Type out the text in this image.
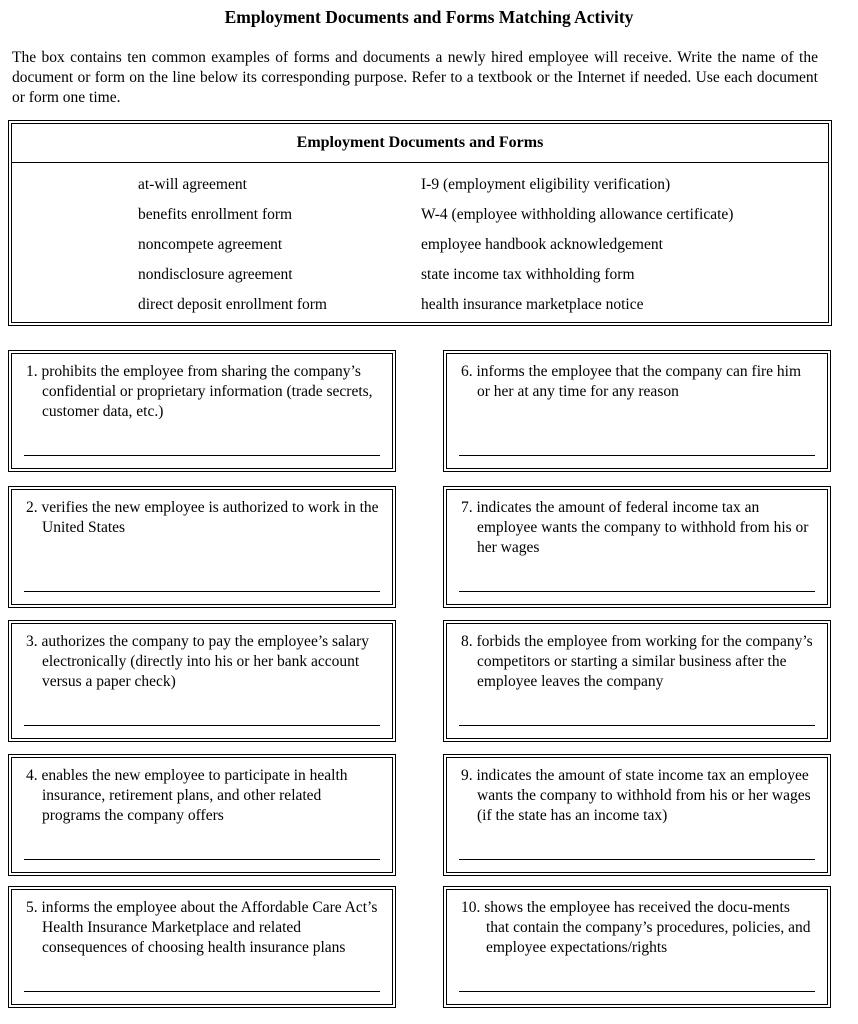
Employment Documents and Forms Matching Activity
The box contains ten common examples of forms and documents a newly hired employee will receive. Write the name of the document or form on the line below its corresponding purpose. Refer to a textbook or the Internet if needed. Use each document or form one time.
Employment Documents and Forms
at-will agreement
benefits enrollment form
noncompete agreement
nondisclosure agreement
direct deposit enrollment form
I-9 (employment eligibility verification)
W-4 (employee withholding allowance certificate)
employee handbook acknowledgement
state income tax withholding form
health insurance marketplace notice
1. prohibits the employee from sharing the company’s confidential or proprietary information (trade secrets, customer data, etc.)
2. verifies the new employee is authorized to work in the United States
3. authorizes the company to pay the employee’s salary electronically (directly into his or her bank account versus a paper check)
4. enables the new employee to participate in health insurance, retirement plans, and other related programs the company offers
5. informs the employee about the Affordable Care Act’s Health Insurance Marketplace and related consequences of choosing health insurance plans
6. informs the employee that the company can fire him or her at any time for any reason
7. indicates the amount of federal income tax an employee wants the company to withhold from his or her wages
8. forbids the employee from working for the company’s competitors or starting a similar business after the employee leaves the company
9. indicates the amount of state income tax an employee wants the company to withhold from his or her wages (if the state has an income tax)
10. shows the employee has received the docu-ments that contain the company’s procedures, policies, and employee expectations/rights
